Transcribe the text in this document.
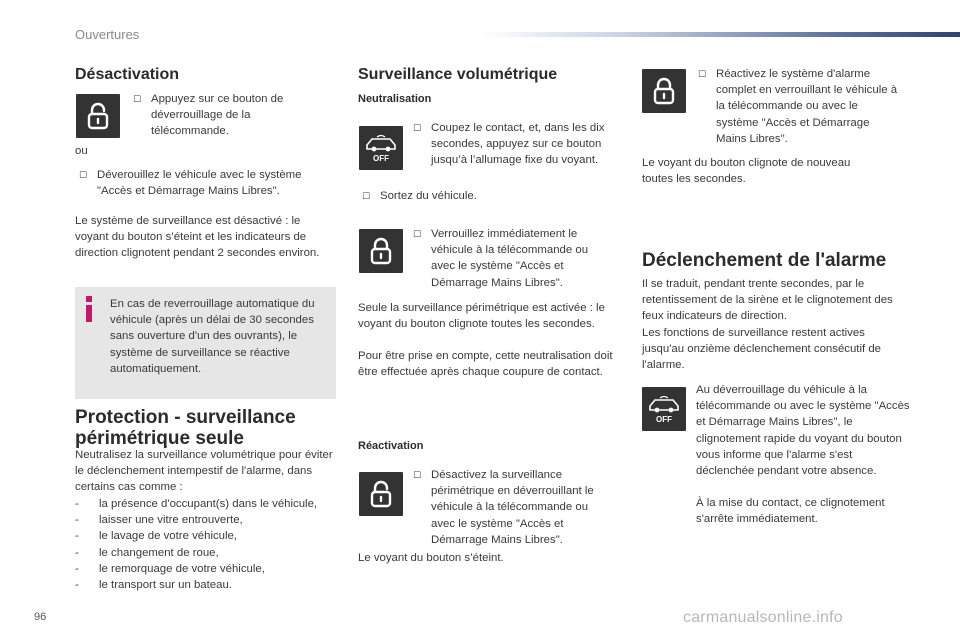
Ouvertures
Désactivation
☐ Appuyez sur ce bouton de déverrouillage de la télécommande.
ou
☐ Déverouillez le véhicule avec le système "Accès et Démarrage Mains Libres".
Le système de surveillance est désactivé : le voyant du bouton s’éteint et les indicateurs de direction clignotent pendant 2 secondes environ.
En cas de reverrouillage automatique du véhicule (après un délai de 30 secondes sans ouverture d'un des ouvrants), le système de surveillance se réactive automatiquement.
Protection - surveillance périmétrique seule
Neutralisez la surveillance volumétrique pour éviter le déclenchement intempestif de l'alarme, dans certains cas comme :
-	la présence d'occupant(s) dans le véhicule,
-	laisser une vitre entrouverte,
-	le lavage de votre véhicule,
-	le changement de roue,
-	le remorquage de votre véhicule,
-	le transport sur un bateau.
Surveillance volumétrique
Neutralisation
OFF
☐ Coupez le contact, et, dans les dix secondes, appuyez sur ce bouton jusqu’à l’allumage fixe du voyant.
☐ Sortez du véhicule.
☐ Verrouillez immédiatement le véhicule à la télécommande ou avec le système "Accès et Démarrage Mains Libres".
Seule la surveillance périmétrique est activée : le voyant du bouton clignote toutes les secondes.
Pour être prise en compte, cette neutralisation doit être effectuée après chaque coupure de contact.
Réactivation
☐ Désactivez la surveillance périmétrique en déverrouillant le véhicule à la télécommande ou avec le système "Accès et Démarrage Mains Libres".
Le voyant du bouton s’éteint.
☐ Réactivez le système d'alarme complet en verrouillant le véhicule à la télécommande ou avec le système "Accès et Démarrage Mains Libres".
Le voyant du bouton clignote de nouveau toutes les secondes.
Déclenchement de l'alarme
Il se traduit, pendant trente secondes, par le retentissement de la sirène et le clignotement des feux indicateurs de direction.
Les fonctions de surveillance restent actives jusqu'au onzième déclenchement consécutif de l'alarme.
OFF
Au déverrouillage du véhicule à la télécommande ou avec le système "Accès et Démarrage Mains Libres", le clignotement rapide du voyant du bouton vous informe que l'alarme s'est déclenchée pendant votre absence.
À la mise du contact, ce clignotement s'arrête immédiatement.
96	carmanualsonline.info
